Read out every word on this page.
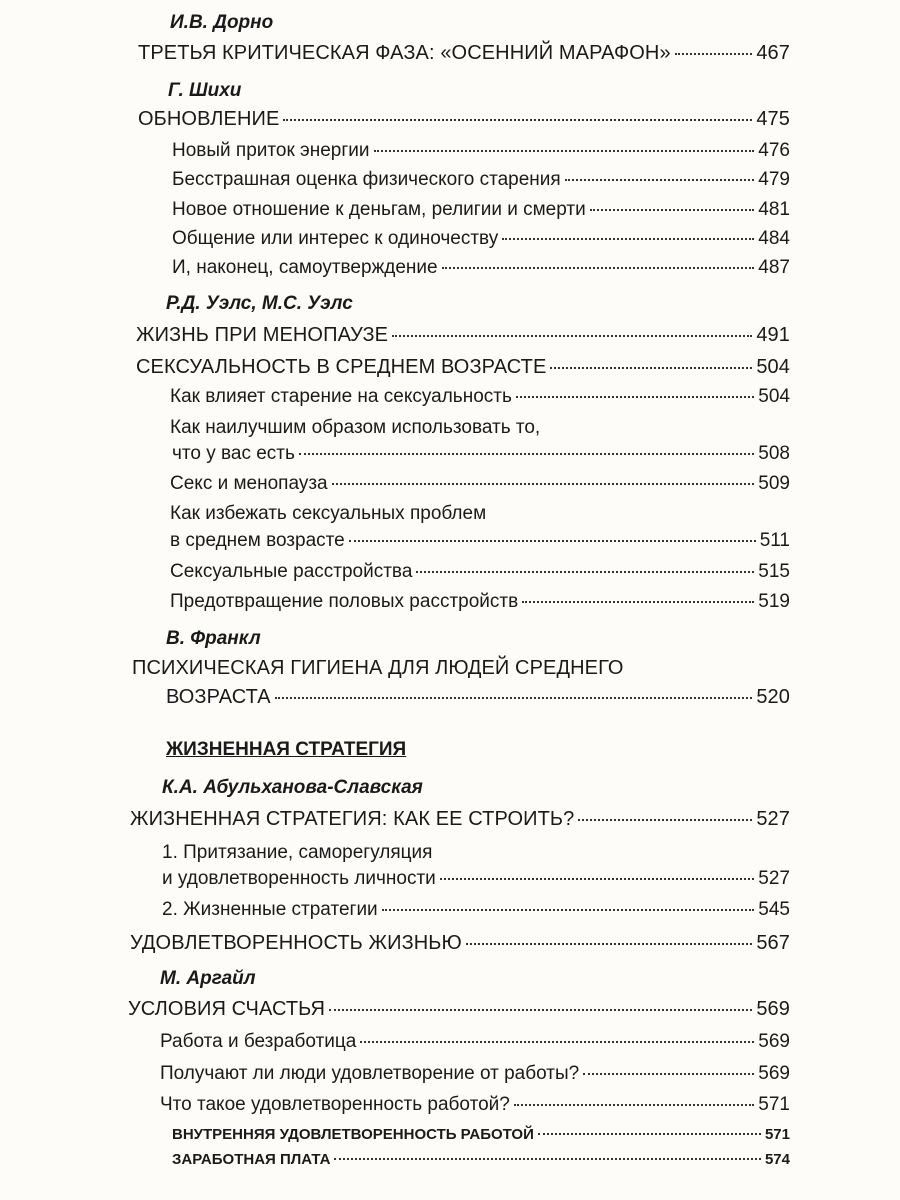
И.В. Дорно
ТРЕТЬЯ КРИТИЧЕСКАЯ ФАЗА: «ОСЕННИЙ МАРАФОН»	467
Г. Шихи
ОБНОВЛЕНИЕ	475
Новый приток энергии	476
Бесстрашная оценка физического старения	479
Новое отношение к деньгам, религии и смерти	481
Общение или интерес к одиночеству	484
И, наконец, самоутверждение	487
Р.Д. Уэлс, М.С. Уэлс
ЖИЗНЬ ПРИ МЕНОПАУЗЕ	491
СЕКСУАЛЬНОСТЬ В СРЕДНЕМ ВОЗРАСТЕ	504
Как влияет старение на сексуальность	504
Как наилучшим образом использовать то,
что у вас есть	508
Секс и менопауза	509
Как избежать сексуальных проблем
в среднем возрасте	511
Сексуальные расстройства	515
Предотвращение половых расстройств	519
В. Франкл
ПСИХИЧЕСКАЯ ГИГИЕНА ДЛЯ ЛЮДЕЙ СРЕДНЕГО
ВОЗРАСТА	520
ЖИЗНЕННАЯ СТРАТЕГИЯ
К.А. Абульханова-Славская
ЖИЗНЕННАЯ СТРАТЕГИЯ: КАК ЕЕ СТРОИТЬ?	527
1. Притязание, саморегуляция
и удовлетворенность личности	527
2. Жизненные стратегии	545
УДОВЛЕТВОРЕННОСТЬ ЖИЗНЬЮ	567
М. Аргайл
УСЛОВИЯ СЧАСТЬЯ	569
Работа и безработица	569
Получают ли люди удовлетворение от работы?	569
Что такое удовлетворенность работой?	571
ВНУТРЕННЯЯ УДОВЛЕТВОРЕННОСТЬ РАБОТОЙ	571
ЗАРАБОТНАЯ ПЛАТА	574
